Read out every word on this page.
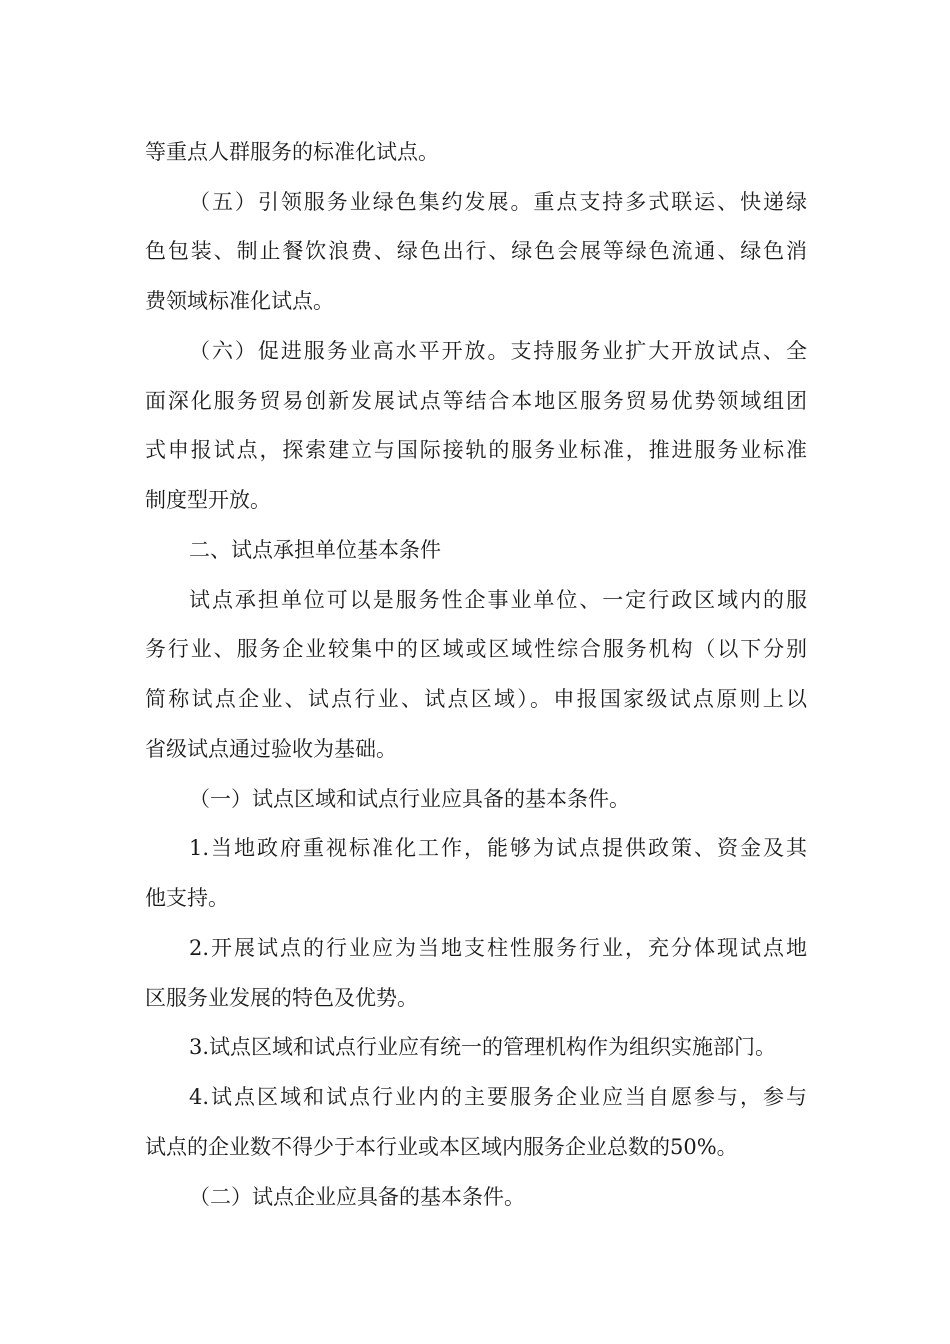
等重点人群服务的标准化试点。
（五）引领服务业绿色集约发展。重点支持多式联运、快递绿
色包装、制止餐饮浪费、绿色出行、绿色会展等绿色流通、绿色消
费领域标准化试点。
（六）促进服务业高水平开放。支持服务业扩大开放试点、全
面深化服务贸易创新发展试点等结合本地区服务贸易优势领域组团
式申报试点，探索建立与国际接轨的服务业标准，推进服务业标准
制度型开放。
二、试点承担单位基本条件
试点承担单位可以是服务性企事业单位、一定行政区域内的服
务行业、服务企业较集中的区域或区域性综合服务机构（以下分别
简称试点企业、试点行业、试点区域）。申报国家级试点原则上以
省级试点通过验收为基础。
（一）试点区域和试点行业应具备的基本条件。
1.当地政府重视标准化工作，能够为试点提供政策、资金及其
他支持。
2.开展试点的行业应为当地支柱性服务行业，充分体现试点地
区服务业发展的特色及优势。
3.试点区域和试点行业应有统一的管理机构作为组织实施部门。
4.试点区域和试点行业内的主要服务企业应当自愿参与，参与
试点的企业数不得少于本行业或本区域内服务企业总数的50%。
（二）试点企业应具备的基本条件。
